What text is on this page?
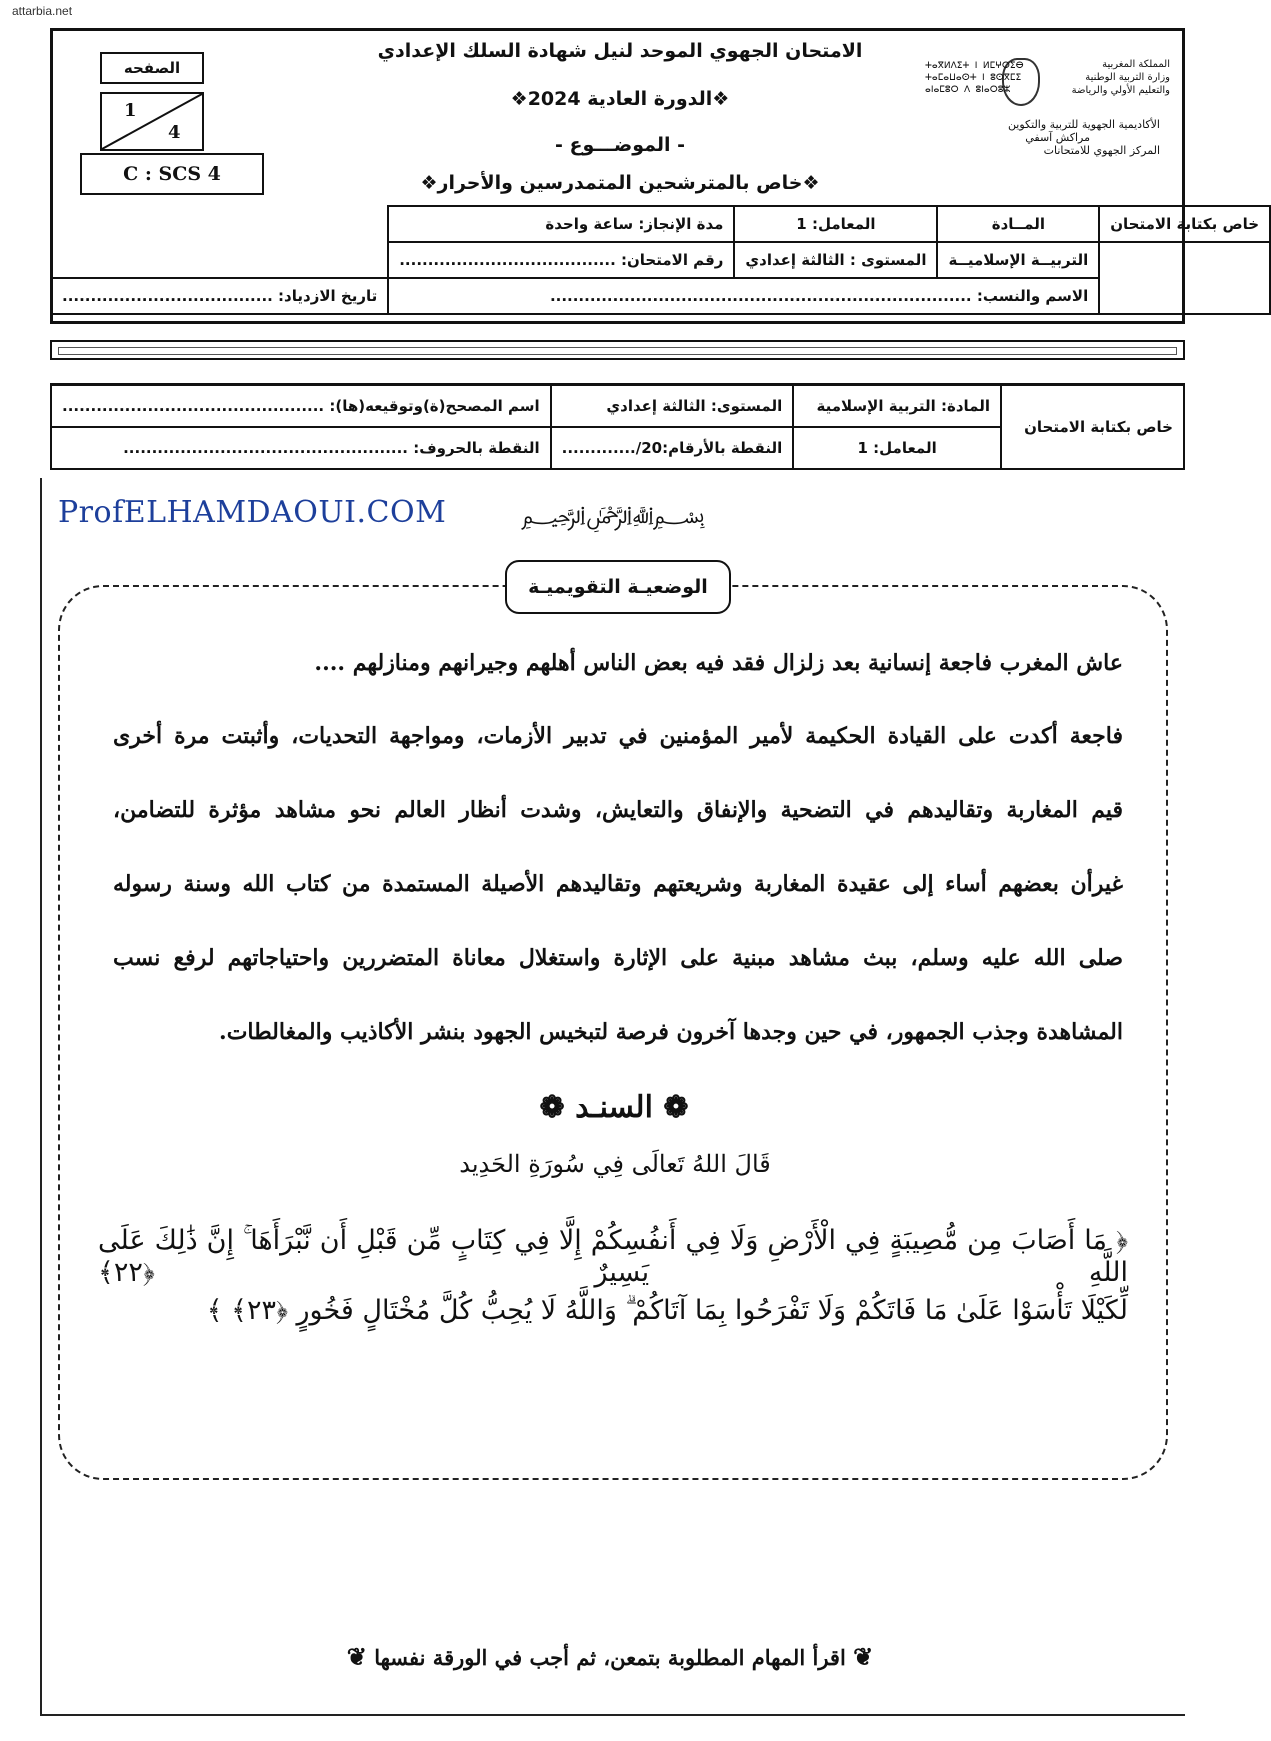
attarbia.net
الامتحان الجهوي الموحد لنيل شهادة السلك الإعدادي
❖الدورة العادية 2024❖
- الموضـــوع -
❖خاص بالمترشحين المتمدرسين والأحرار❖
المملكة المغربية
وزارة التربية الوطنية
والتعليم الأولي والرياضة
ⵜⴰⴳⵍⴷⵉⵜ ⵏ ⵍⵎⵖⵔⵉⴱ
ⵜⴰⵎⴰⵡⴰⵙⵜ ⵏ ⵓⵙⴳⵎⵉ
ⴰⵏⴰⵎⵓⵔ ⴷ ⵓⵏⴰⵔⵓⵣ
الأكاديمية الجهوية للتربية والتكوين
مراكش آسفي
المركز الجهوي للامتحانات
الصفحه
1
4
C : SCS 4
خاص بكتابة الامتحان	المــادة	المعامل: 1	مدة الإنجاز: ساعة واحدة	
	التربيــة الإسلاميــة	المستوى : الثالثة إعدادي	رقم الامتحان: ......................................	
	الاسم والنسب: ..........................................................................			تاريخ الازدياد: .....................................
خاص بكتابة الامتحان	المادة: التربية الإسلامية	المستوى: الثالثة إعدادي	اسم المصحح(ة)وتوقيعه(ها): ..............................................
	المعامل: 1	النقطة بالأرقام:20/.............	النقطة بالحروف: ..................................................
ProfELHAMDAOUI.COM	﷽
الوضعيـة التقويميـة
عاش المغرب فاجعة إنسانية بعد زلزال فقد فيه بعض الناس أهلهم وجيرانهم ومنازلهم ....
فاجعة أكدت على القيادة الحكيمة لأمير المؤمنين في تدبير الأزمات، ومواجهة التحديات، وأثبتت مرة أخرى
قيم المغاربة وتقاليدهم في التضحية والإنفاق والتعايش، وشدت أنظار العالم نحو مشاهد مؤثرة للتضامن،
غيرأن بعضهم أساء إلى عقيدة المغاربة وشريعتهم وتقاليدهم الأصيلة المستمدة من كتاب الله وسنة رسوله
صلى الله عليه وسلم، ببث مشاهد مبنية على الإثارة واستغلال معاناة المتضررين واحتياجاتهم لرفع نسب
المشاهدة وجذب الجمهور، في حين وجدها آخرون فرصة لتبخيس الجهود بنشر الأكاذيب والمغالطات.
❁ السنـد ❁
قَالَ اللهُ تَعالَى فِي سُورَةِ الحَدِيد
﴿ مَا أَصَابَ مِن مُّصِيبَةٍ فِي الْأَرْضِ وَلَا فِي أَنفُسِكُمْ إِلَّا فِي كِتَابٍ مِّن قَبْلِ أَن نَّبْرَأَهَا ۚ إِنَّ ذَٰلِكَ عَلَى اللَّهِ يَسِيرٌ ﴿٢٢﴾
لِّكَيْلَا تَأْسَوْا عَلَىٰ مَا فَاتَكُمْ وَلَا تَفْرَحُوا بِمَا آتَاكُمْ ۗ وَاللَّهُ لَا يُحِبُّ كُلَّ مُخْتَالٍ فَخُورٍ ﴿٢٣﴾ ﴾
❦ اقرأ المهام المطلوبة بتمعن، ثم أجب في الورقة نفسها ❦
